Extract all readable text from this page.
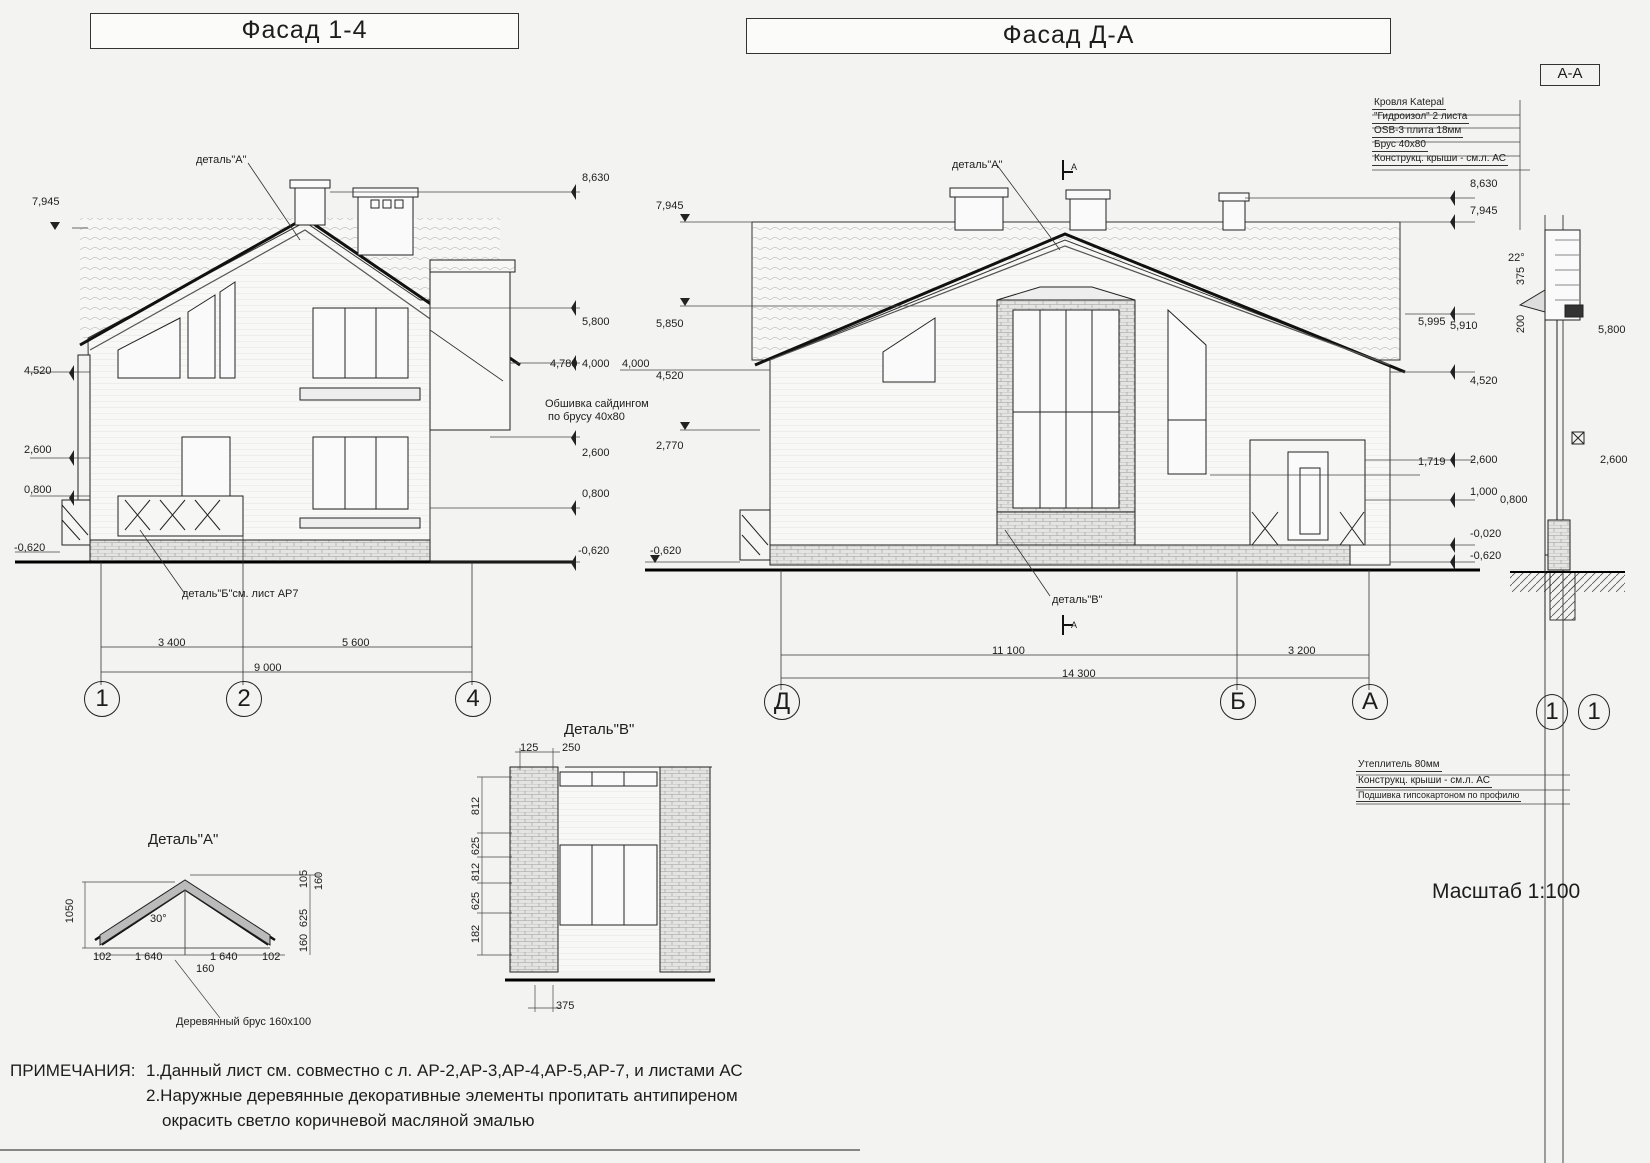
Фасад 1-4	Фасад Д-А
А-А
7,945
8,630
5,800
4,780 4,000
4,520
2,600	2,600
0,800	0,800
-0,620	-0,620
7,945
5,850
4,000
4,520
2,770
-0,620
8,630
7,945
5,995 5,910	5,800
4,520
1,719 2,600	2,600
1,000
0,800
-0,020
-0,620
деталь"А"
Обшивка сайдингом
по брусу 40х80
деталь"Б"см. лист АР7
деталь"А"
деталь"В"
А
А
3 400	5 600
9 000
11 100	3 200
14 300
1	2	4	Д	Б	А	1	1
Кровля Katepal
"Гидроизол" 2 листа
OSB-3 плита 18мм
Брус 40х80
Конструкц. крыши - см.л. АС
22°
375
200
Утеплитель 80мм
Конструкц. крыши - см.л. АС
Подшивка гипсокартоном по профилю
Деталь"А"
1050
105 160
625
160
30°
102 1 640
160
1 640 102
Деревянный брус 160х100
Деталь"В"
125 250
812
625
812
625
182
375
ПРИМЕЧАНИЯ: 1.Данный лист см. совместно с л. АР-2,АР-3,АР-4,АР-5,АР-7, и листами АС
2.Наружные деревянные декоративные элементы пропитать антипиреном
окрасить светло коричневой масляной эмалью
Масштаб 1:100
